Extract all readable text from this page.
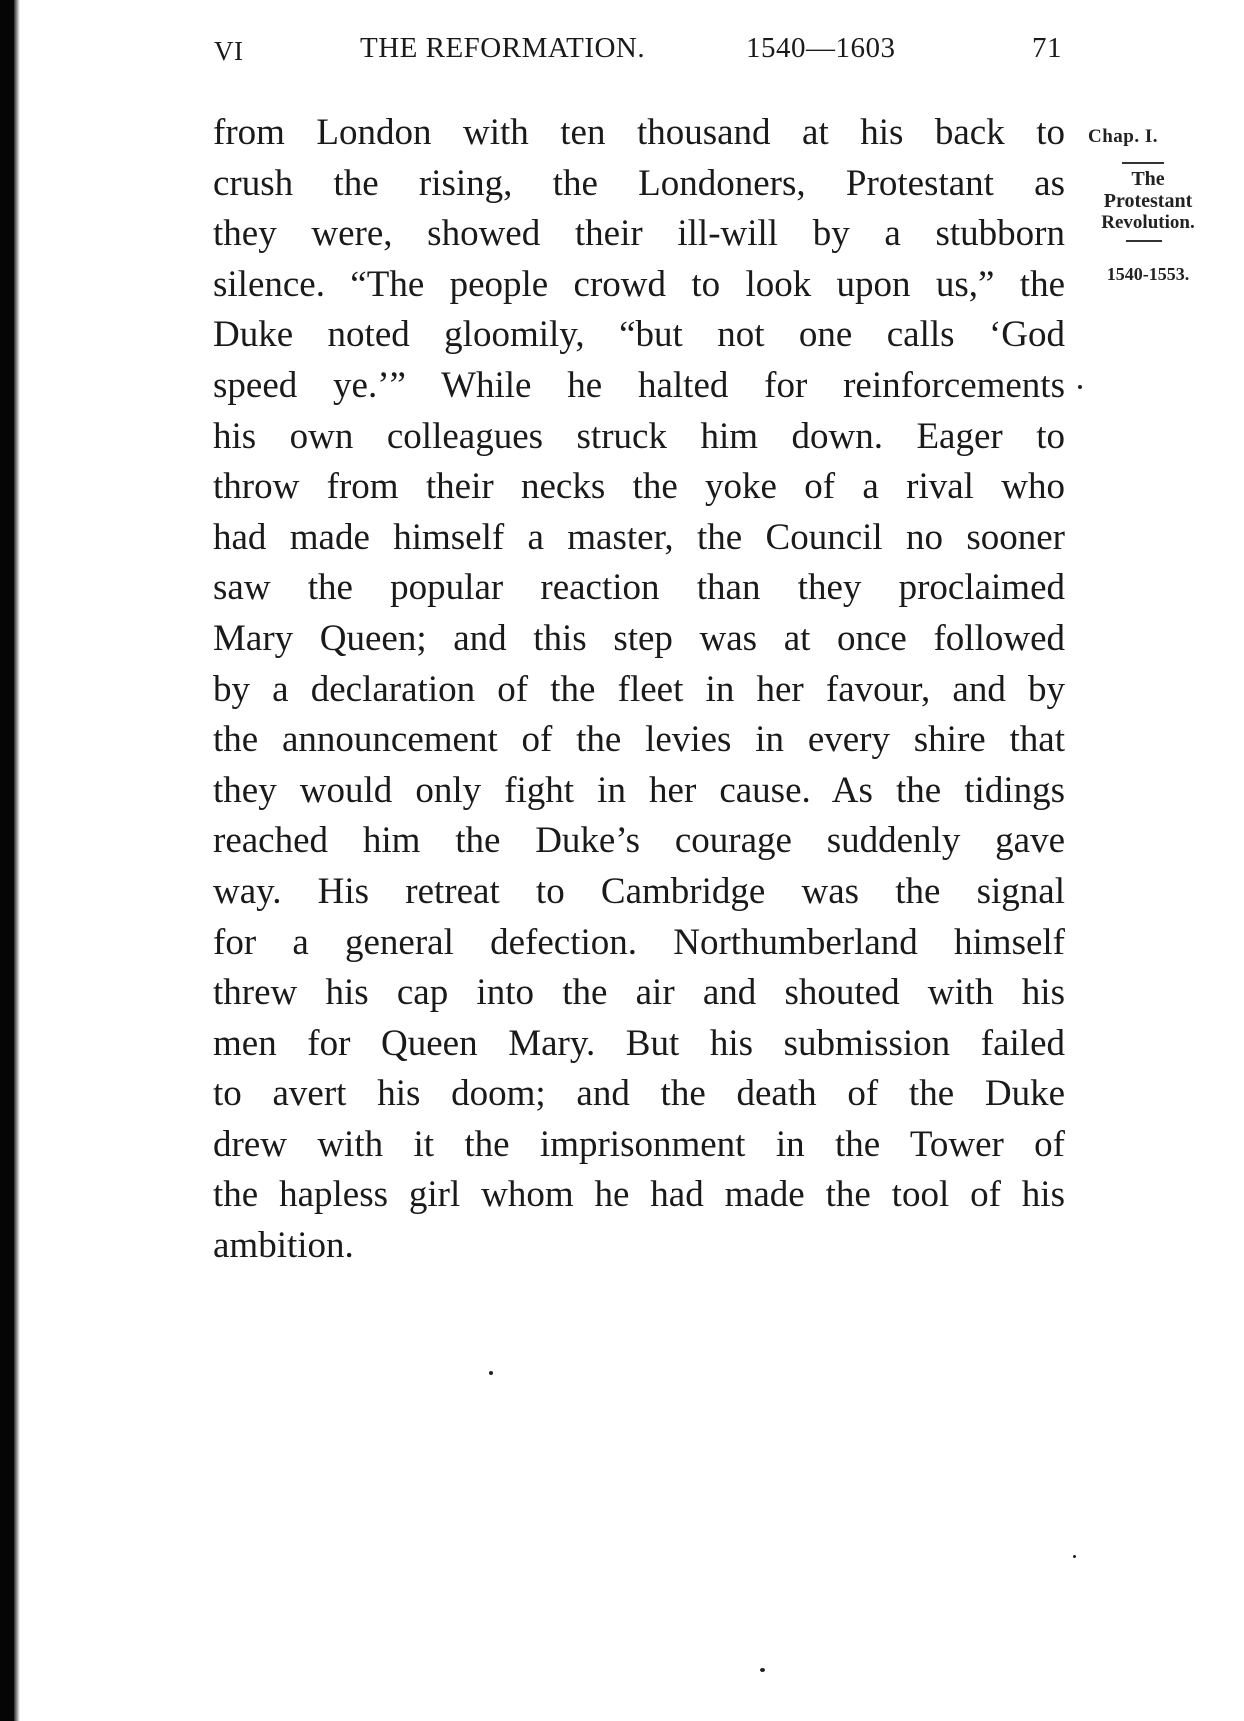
VI	THE REFORMATION.	1540—1603	71
from London with ten thousand at his back to
crush the rising, the Londoners, Protestant as
they were, showed their ill-will by a stubborn
silence. “The people crowd to look upon us,” the
Duke noted gloomily, “but not one calls ‘God
speed ye.’” While he halted for reinforcements
his own colleagues struck him down. Eager to
throw from their necks the yoke of a rival who
had made himself a master, the Council no sooner
saw the popular reaction than they proclaimed
Mary Queen; and this step was at once followed
by a declaration of the fleet in her favour, and by
the announcement of the levies in every shire that
they would only fight in her cause. As the tidings
reached him the Duke’s courage suddenly gave
way. His retreat to Cambridge was the signal
for a general defection. Northumberland himself
threw his cap into the air and shouted with his
men for Queen Mary. But his submission failed
to avert his doom; and the death of the Duke
drew with it the imprisonment in the Tower of
the hapless girl whom he had made the tool of his
ambition.
Chap. I.
The
Protestant
Revolution.
1540-1553.
